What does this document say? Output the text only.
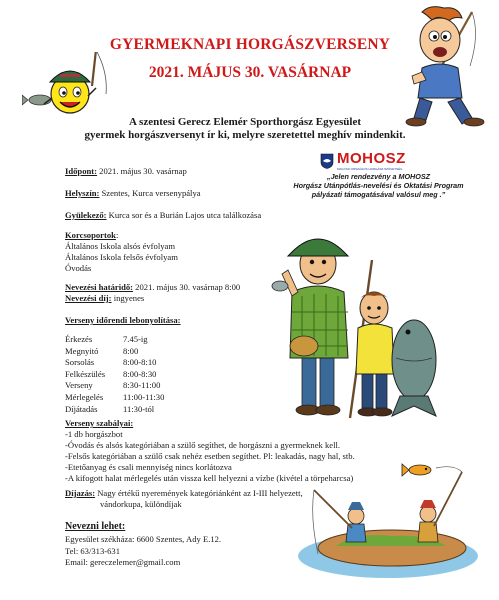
GYERMEKNAPI HORGÁSZVERSENY
2021. MÁJUS 30. VASÁRNAP
A szentesi Gerecz Elemér Sporthorgász Egyesület
gyermek horgászversenyt ír ki, melyre szeretettel meghív mindenkit.
MOHOSZ
MAGYAR ORSZÁGOS HORGÁSZ SZÖVETSÉG
„Jelen rendezvény a MOHOSZ
Horgász Utánpótlás-nevelési és Oktatási Program
pályázati támogatásával valósul meg .”
Időpont: 2021. május 30. vasárnap
Helyszín: Szentes, Kurca versenypálya
Gyülekező: Kurca sor és a Burián Lajos utca találkozása
Korcsoportok:
Általános Iskola alsós évfolyam
Általános Iskola felsős évfolyam
Óvodás
Nevezési határidő: 2021. május 30. vasárnap 8:00
Nevezési díj: ingyenes
Verseny időrendi lebonyolítása:
Érkezés	7.45-ig
Megnyitó	8:00
Sorsolás	8:00-8:10
Felkészülés	8:00-8:30
Verseny	8:30-11:00
Mérlegelés	11:00-11:30
Díjátadás	11:30-tól
Verseny szabályai:
-1 db horgászbot
-Óvodás és alsós kategóriában a szülő segíthet, de horgászni a gyermeknek kell.
-Felsős kategóriában a szülő csak nehéz esetben segíthet. Pl: leakadás, nagy hal, stb.
-Etetőanyag és csali mennyiség nincs korlátozva
-A kifogott halat mérlegelés után vissza kell helyezni a vízbe (kivétel a törpeharcsa)
Díjazás: Nagy értékű nyeremények kategóriánként az I-III helyezett,
vándorkupa, különdíjak
Nevezni lehet:
Egyesület székháza: 6600 Szentes, Ady E.12.
Tel: 63/313-631
Email: gereczelemer@gmail.com
